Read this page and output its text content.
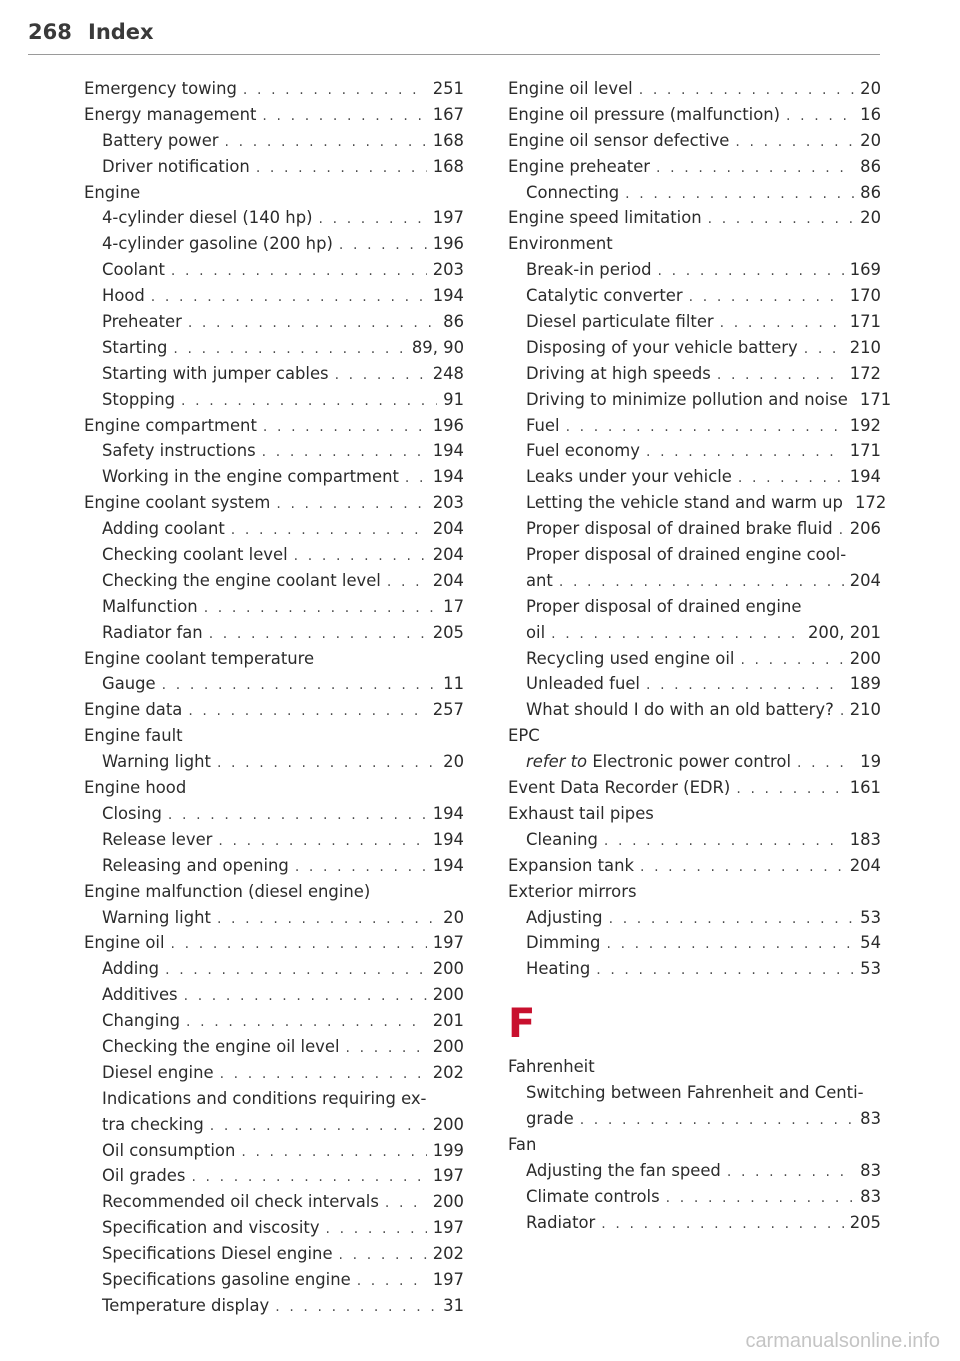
268 Index
Emergency towing . . .	251
Energy management . . .	167
Battery power . . .	168
Driver notification . . .	168
Engine
4-cylinder diesel (140 hp) . . .	197
4-cylinder gasoline (200 hp) . . .	196
Coolant . . .	203
Hood . . .	194
Preheater . . .	86
Starting . . .	89, 90
Starting with jumper cables . . .	248
Stopping . . .	91
Engine compartment . . .	196
Safety instructions . . .	194
Working in the engine compartment . . . 194
Engine coolant system . . .	203
Adding coolant . . .	204
Checking coolant level . . .	204
Checking the engine coolant level . . .	204
Malfunction . . .	17
Radiator fan . . .	205
Engine coolant temperature
Gauge . . .	11
Engine data . . .	257
Engine fault
Warning light . . .	20
Engine hood
Closing . . .	194
Release lever . . .	194
Releasing and opening . . .	194
Engine malfunction (diesel engine)
Warning light . . .	20
Engine oil . . .	197
Adding . . .	200
Additives . . .	200
Changing . . .	201
Checking the engine oil level . . .	200
Diesel engine . . .	202
Indications and conditions requiring ex-
tra checking . . .	200
Oil consumption . . .	199
Oil grades . . .	197
Recommended oil check intervals . . .	200
Specification and viscosity . . .	197
Specifications Diesel engine . . .	202
Specifications gasoline engine . . .	197
Temperature display . . .	31
Engine oil level . . .	20
Engine oil pressure (malfunction) . . .	16
Engine oil sensor defective . . .	20
Engine preheater . . .	86
Connecting . . .	86
Engine speed limitation . . .	20
Environment
Break-in period . . .	169
Catalytic converter . . .	170
Diesel particulate filter . . .	171
Disposing of your vehicle battery . . .	210
Driving at high speeds . . .	172
Driving to minimize pollution and noise 171
Fuel . . .	192
Fuel economy . . .	171
Leaks under your vehicle . . .	194
Letting the vehicle stand and warm up 172
Proper disposal of drained brake fluid . . . 206
Proper disposal of drained engine cool-
ant . . .	204
Proper disposal of drained engine
oil . . .	200, 201
Recycling used engine oil . . .	200
Unleaded fuel . . .	189
What should I do with an old battery? . . . 210
EPC
refer to Electronic power control . . .	19
Event Data Recorder (EDR) . . .	161
Exhaust tail pipes
Cleaning . . .	183
Expansion tank . . .	204
Exterior mirrors
Adjusting . . .	53
Dimming . . .	54
Heating . . .	53
F
Fahrenheit
Switching between Fahrenheit and Centi-
grade . . .	83
Fan
Adjusting the fan speed . . .	83
Climate controls . . .	83
Radiator . . .	205
carmanualsonline.info
